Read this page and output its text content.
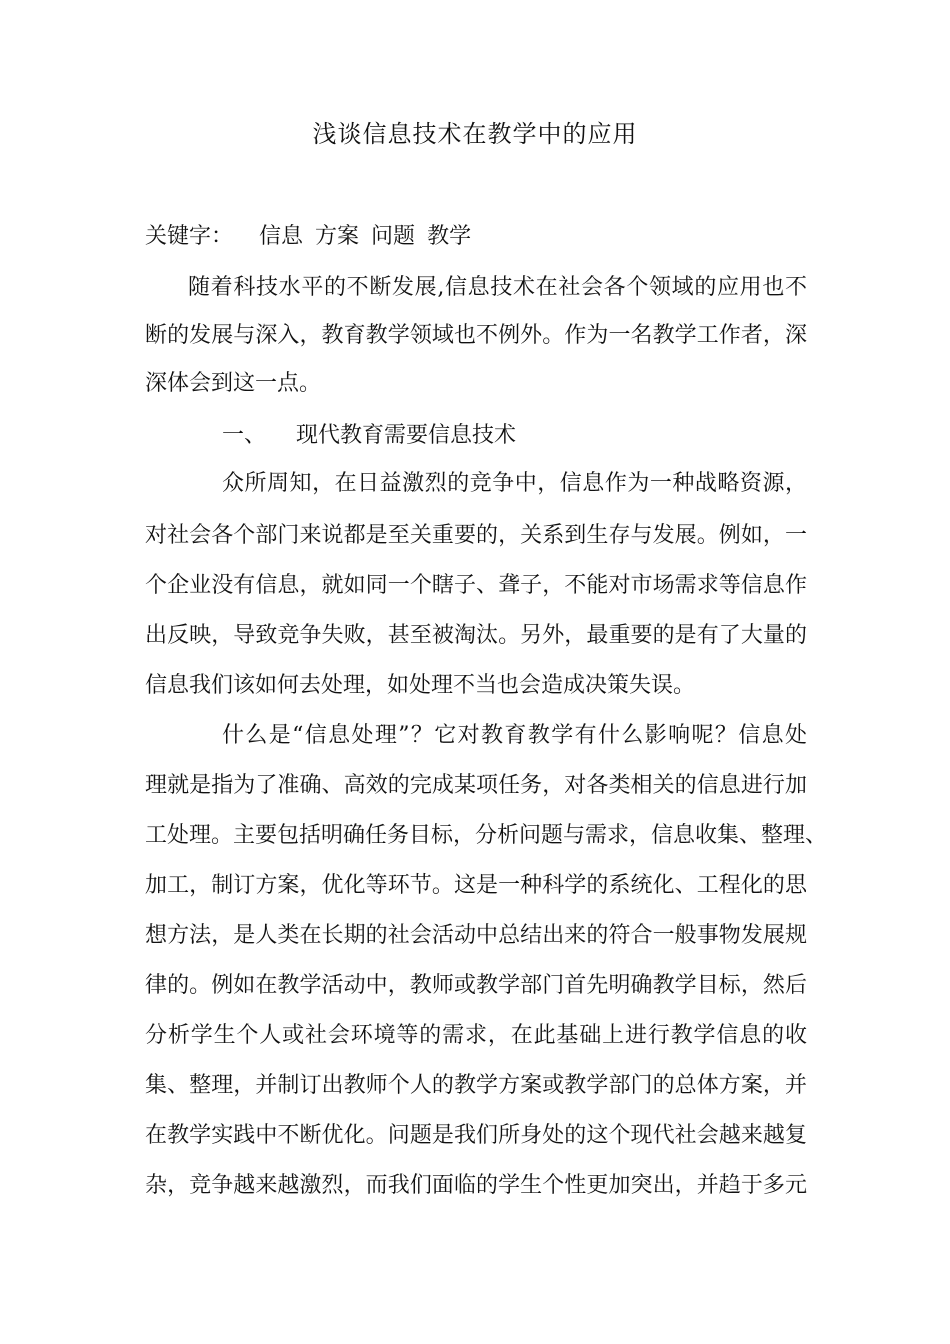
浅谈信息技术在教学中的应用
关键字： 信息 方案 问题 教学
随着科技水平的不断发展,信息技术在社会各个领域的应用也不
断的发展与深入，教育教学领域也不例外。作为一名教学工作者，深
深体会到这一点。
一、 现代教育需要信息技术
众所周知，在日益激烈的竞争中，信息作为一种战略资源，
对社会各个部门来说都是至关重要的，关系到生存与发展。例如，一
个企业没有信息，就如同一个瞎子、聋子，不能对市场需求等信息作
出反映，导致竞争失败，甚至被淘汰。另外，最重要的是有了大量的
信息我们该如何去处理，如处理不当也会造成决策失误。
什么是“信息处理”？它对教育教学有什么影响呢？信息处
理就是指为了准确、高效的完成某项任务，对各类相关的信息进行加
工处理。主要包括明确任务目标，分析问题与需求，信息收集、整理、
加工，制订方案，优化等环节。这是一种科学的系统化、工程化的思
想方法，是人类在长期的社会活动中总结出来的符合一般事物发展规
律的。例如在教学活动中，教师或教学部门首先明确教学目标，然后
分析学生个人或社会环境等的需求，在此基础上进行教学信息的收
集、整理，并制订出教师个人的教学方案或教学部门的总体方案，并
在教学实践中不断优化。问题是我们所身处的这个现代社会越来越复
杂，竞争越来越激烈，而我们面临的学生个性更加突出，并趋于多元
